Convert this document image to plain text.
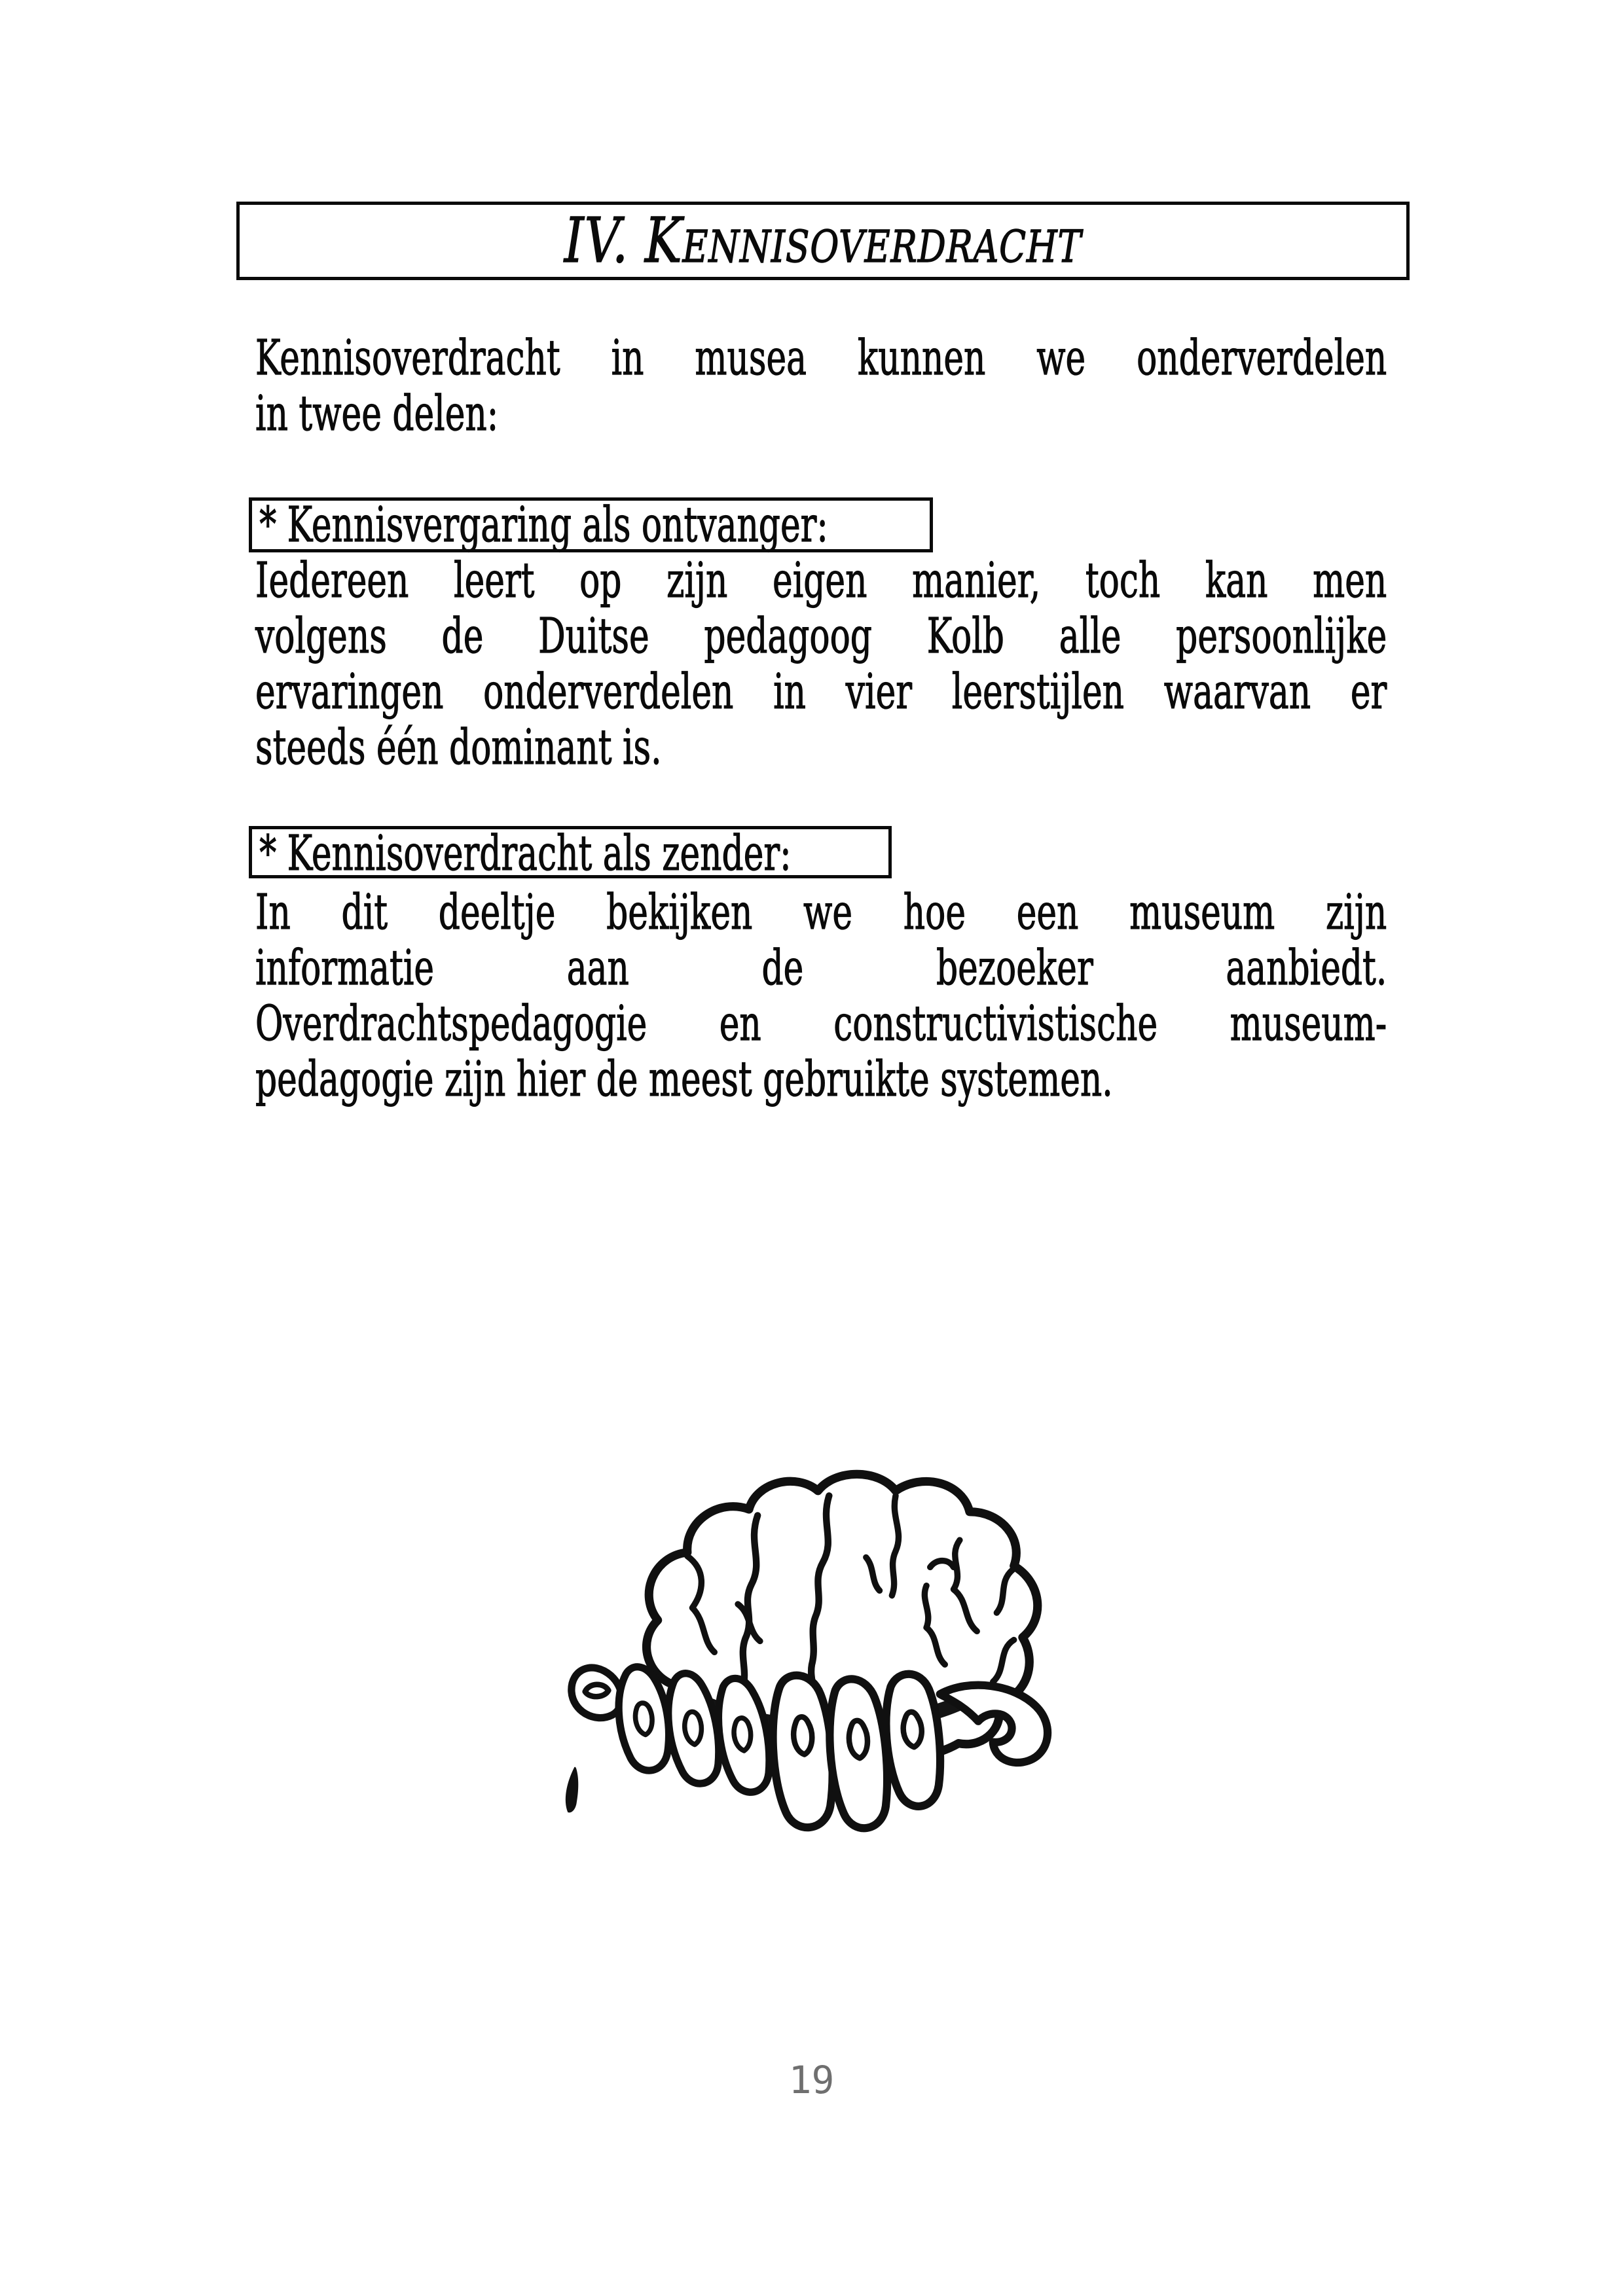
IV. Kennisoverdracht
Kennisoverdracht in musea kunnen we onderverdelen
in twee delen:
* Kennisvergaring als ontvanger:
Iedereen leert op zijn eigen manier, toch kan men
volgens de Duitse pedagoog Kolb alle persoonlijke
ervaringen onderverdelen in vier leerstijlen waarvan er
steeds één dominant is.
* Kennisoverdracht als zender:
In dit deeltje bekijken we hoe een museum zijn
informatie aan de bezoeker aanbiedt.
Overdrachtspedagogie en constructivistische museum-
pedagogie zijn hier de meest gebruikte systemen.
19
